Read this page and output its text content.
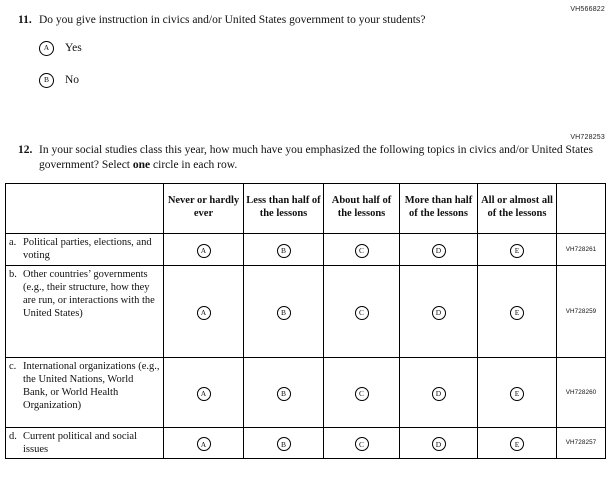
VH566822
11. Do you give instruction in civics and/or United States government to your students?
A	Yes
B	No
VH728253
12. In your social studies class this year, how much have you emphasized the following topics in civics and/or United States government? Select one circle in each row.
	Never or hardly ever	Less than half of the lessons	About half of the lessons	More than half of the lessons	All or almost all of the lessons	

a. Political parties, elections, and voting	A	B	C	D	E	VH728261

b. Other countries’ governments (e.g., their structure, how they are run, or interactions with the United States)	A	B	C	D	E	VH728259

c. International organizations (e.g., the United Nations, World Bank, or World Health Organization)	A	B	C	D	E	VH728260

d. Current political and social issues	A	B	C	D	E	VH728257
